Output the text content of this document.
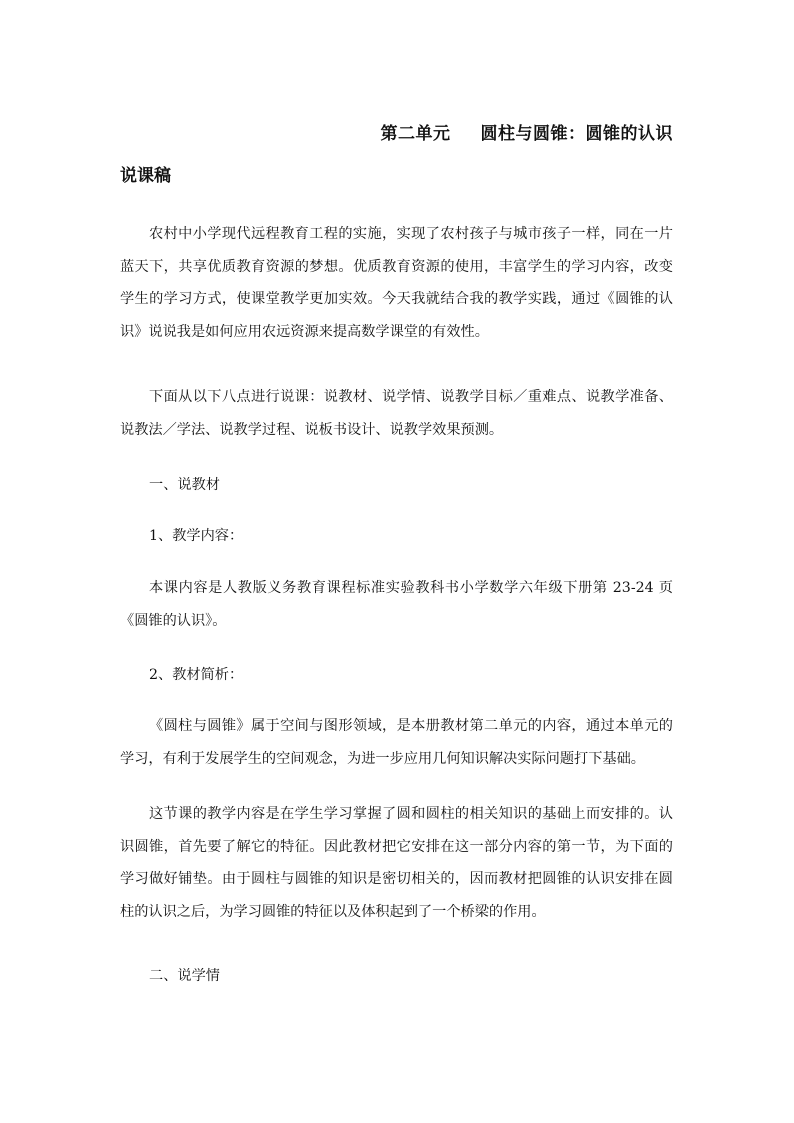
第二单元 圆柱与圆锥：圆锥的认识
说课稿

农村中小学现代远程教育工程的实施，实现了农村孩子与城市孩子一样，同在一片蓝天下，共享优质教育资源的梦想。优质教育资源的使用，丰富学生的学习内容，改变学生的学习方式，使课堂教学更加实效。今天我就结合我的教学实践，通过《圆锥的认识》说说我是如何应用农远资源来提高数学课堂的有效性。

下面从以下八点进行说课：说教材、说学情、说教学目标／重难点、说教学准备、说教法／学法、说教学过程、说板书设计、说教学效果预测。

一、说教材

1、教学内容：

本课内容是人教版义务教育课程标准实验教科书小学数学六年级下册第 23-24 页《圆锥的认识》。

2、教材简析：

《圆柱与圆锥》属于空间与图形领域，是本册教材第二单元的内容，通过本单元的学习，有利于发展学生的空间观念，为进一步应用几何知识解决实际问题打下基础。

这节课的教学内容是在学生学习掌握了圆和圆柱的相关知识的基础上而安排的。认识圆锥，首先要了解它的特征。因此教材把它安排在这一部分内容的第一节，为下面的学习做好铺垫。由于圆柱与圆锥的知识是密切相关的，因而教材把圆锥的认识安排在圆柱的认识之后，为学习圆锥的特征以及体积起到了一个桥梁的作用。

二、说学情
